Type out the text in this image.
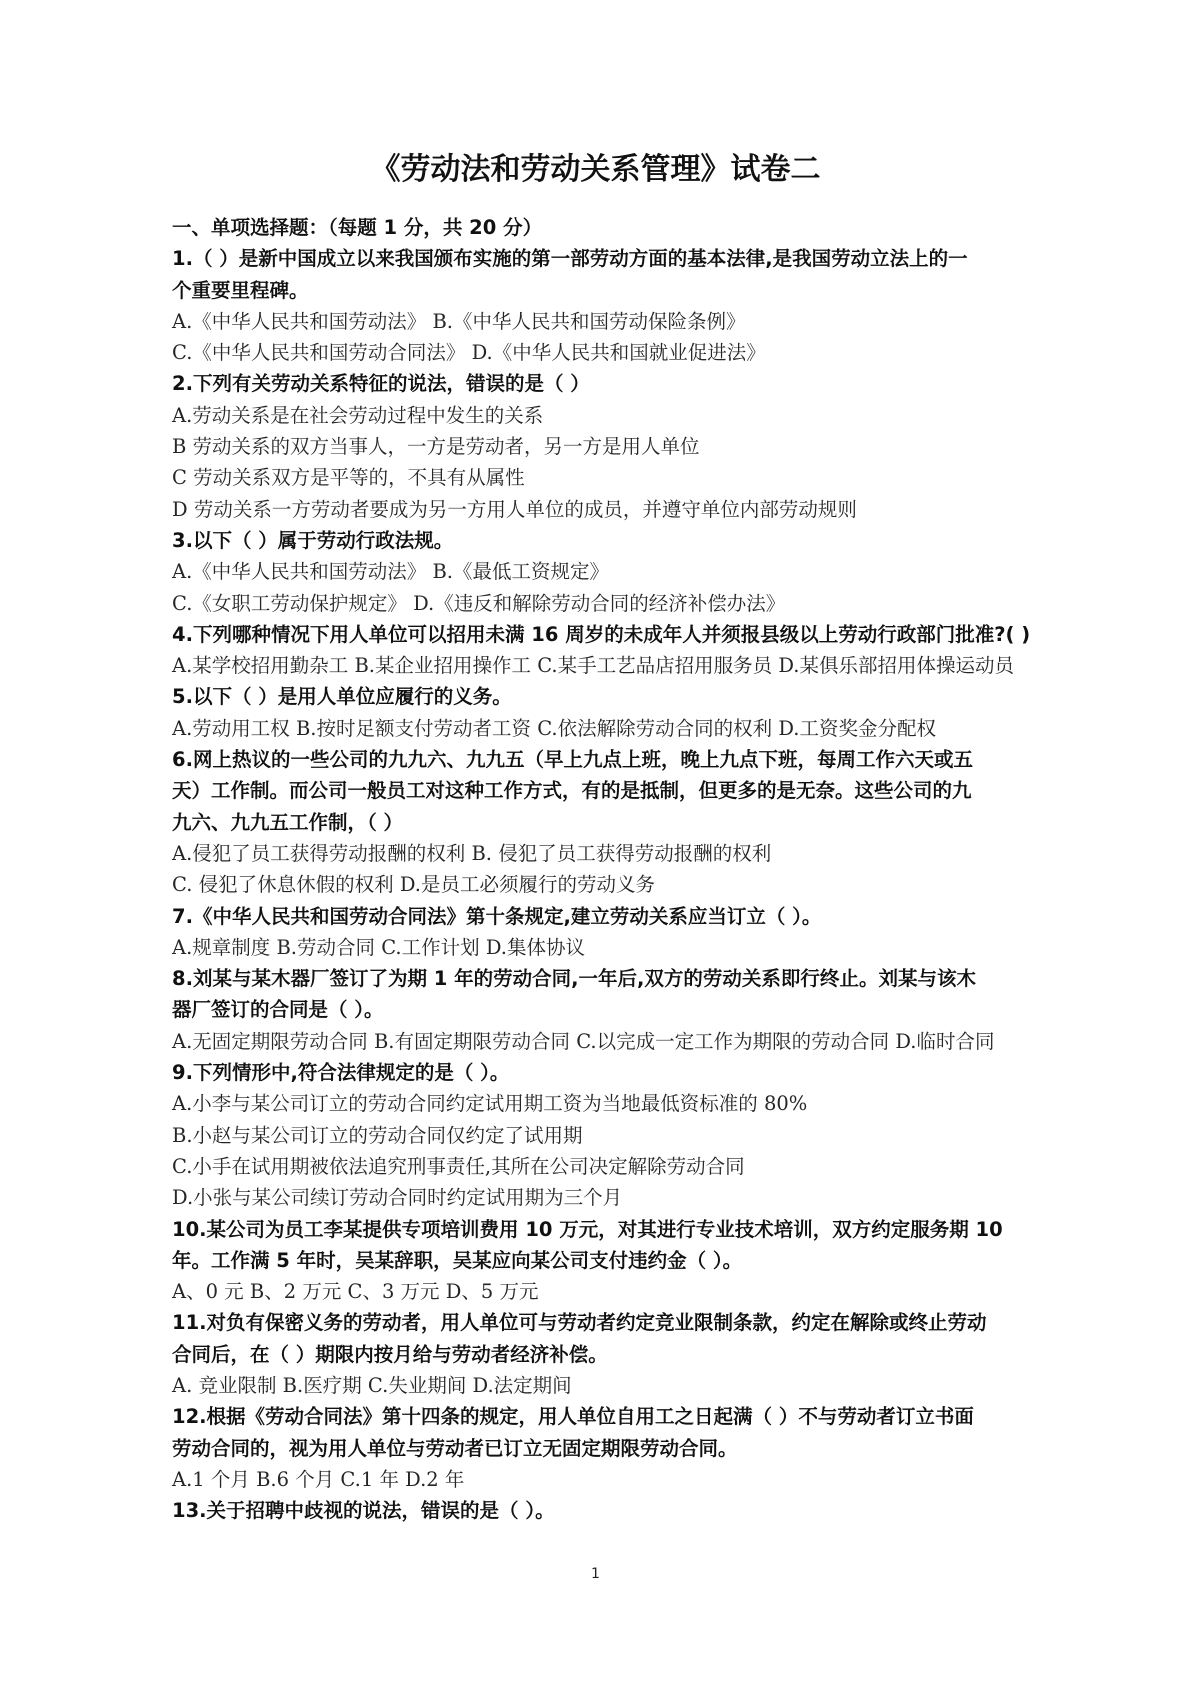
《劳动法和劳动关系管理》试卷二
一、单项选择题：（每题 1 分，共 20 分）
1.（ ）是新中国成立以来我国颁布实施的第一部劳动方面的基本法律,是我国劳动立法上的一
个重要里程碑。
A.《中华人民共和国劳动法》 B.《中华人民共和国劳动保险条例》
C.《中华人民共和国劳动合同法》 D.《中华人民共和国就业促进法》
2.下列有关劳动关系特征的说法，错误的是（ ）
A.劳动关系是在社会劳动过程中发生的关系
B 劳动关系的双方当事人，一方是劳动者，另一方是用人单位
C 劳动关系双方是平等的，不具有从属性
D 劳动关系一方劳动者要成为另一方用人单位的成员，并遵守单位内部劳动规则
3.以下（ ）属于劳动行政法规。
A.《中华人民共和国劳动法》 B.《最低工资规定》
C.《女职工劳动保护规定》 D.《违反和解除劳动合同的经济补偿办法》
4.下列哪种情况下用人单位可以招用未满 16 周岁的未成年人并须报县级以上劳动行政部门批准?( )
A.某学校招用勤杂工 B.某企业招用操作工 C.某手工艺品店招用服务员 D.某俱乐部招用体操运动员
5.以下（ ）是用人单位应履行的义务。
A.劳动用工权 B.按时足额支付劳动者工资 C.依法解除劳动合同的权利 D.工资奖金分配权
6.网上热议的一些公司的九九六、九九五（早上九点上班，晚上九点下班，每周工作六天或五
天）工作制。而公司一般员工对这种工作方式，有的是抵制，但更多的是无奈。这些公司的九
九六、九九五工作制，（ ）
A.侵犯了员工获得劳动报酬的权利 B. 侵犯了员工获得劳动报酬的权利
C. 侵犯了休息休假的权利 D.是员工必须履行的劳动义务
7.《中华人民共和国劳动合同法》第十条规定,建立劳动关系应当订立（ ）。
A.规章制度 B.劳动合同 C.工作计划 D.集体协议
8.刘某与某木器厂签订了为期 1 年的劳动合同,一年后,双方的劳动关系即行终止。刘某与该木
器厂签订的合同是（ ）。
A.无固定期限劳动合同 B.有固定期限劳动合同 C.以完成一定工作为期限的劳动合同 D.临时合同
9.下列情形中,符合法律规定的是（ ）。
A.小李与某公司订立的劳动合同约定试用期工资为当地最低资标准的 80%
B.小赵与某公司订立的劳动合同仅约定了试用期
C.小手在试用期被依法追究刑事责任,其所在公司决定解除劳动合同
D.小张与某公司续订劳动合同时约定试用期为三个月
10.某公司为员工李某提供专项培训费用 10 万元，对其进行专业技术培训，双方约定服务期 10
年。工作满 5 年时，吴某辞职，吴某应向某公司支付违约金（ ）。
A、0 元 B、2 万元 C、3 万元 D、5 万元
11.对负有保密义务的劳动者，用人单位可与劳动者约定竞业限制条款，约定在解除或终止劳动
合同后，在（ ）期限内按月给与劳动者经济补偿。
A. 竞业限制 B.医疗期 C.失业期间 D.法定期间
12.根据《劳动合同法》第十四条的规定，用人单位自用工之日起满（ ）不与劳动者订立书面
劳动合同的，视为用人单位与劳动者已订立无固定期限劳动合同。
A.1 个月 B.6 个月 C.1 年 D.2 年
13.关于招聘中歧视的说法，错误的是（ ）。
1
